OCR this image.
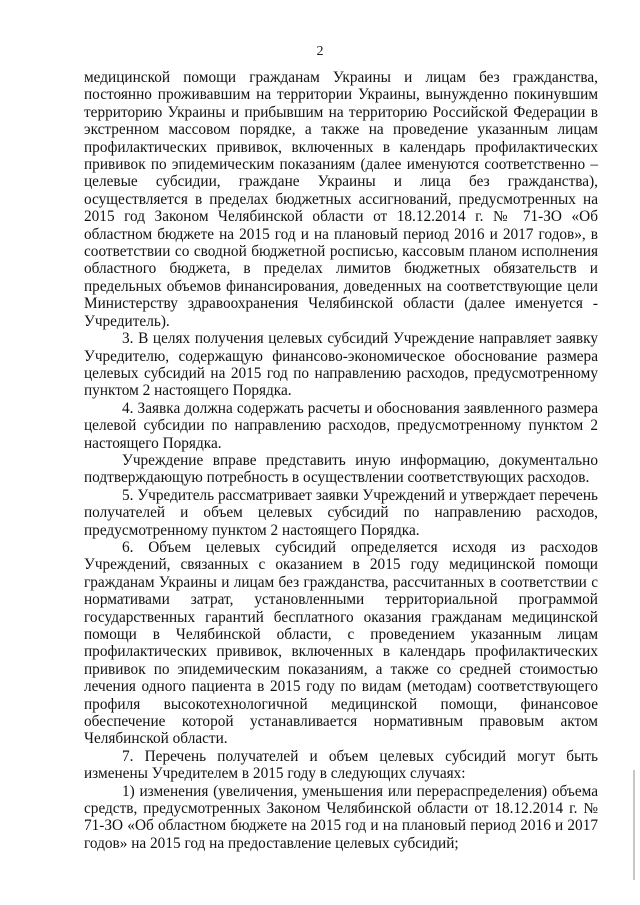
2

медицинской помощи гражданам Украины и лицам без гражданства, постоянно проживавшим на территории Украины, вынужденно покинувшим территорию Украины и прибывшим на территорию Российской Федерации в экстренном массовом порядке, а также на проведение указанным лицам профилактических прививок, включенных в календарь профилактических прививок по эпидемическим показаниям (далее именуются соответственно – целевые субсидии, граждане Украины и лица без гражданства), осуществляется в пределах бюджетных ассигнований, предусмотренных на 2015 год Законом Челябинской области от 18.12.2014 г. № 71-ЗО «Об областном бюджете на 2015 год и на плановый период 2016 и 2017 годов», в соответствии со сводной бюджетной росписью, кассовым планом исполнения областного бюджета, в пределах лимитов бюджетных обязательств и предельных объемов финансирования, доведенных на соответствующие цели Министерству здравоохранения Челябинской области (далее именуется - Учредитель).

3. В целях получения целевых субсидий Учреждение направляет заявку Учредителю, содержащую финансово-экономическое обоснование размера целевых субсидий на 2015 год по направлению расходов, предусмотренному пунктом 2 настоящего Порядка.

4. Заявка должна содержать расчеты и обоснования заявленного размера целевой субсидии по направлению расходов, предусмотренному пунктом 2 настоящего Порядка.

Учреждение вправе представить иную информацию, документально подтверждающую потребность в осуществлении соответствующих расходов.

5. Учредитель рассматривает заявки Учреждений и утверждает перечень получателей и объем целевых субсидий по направлению расходов, предусмотренному пунктом 2 настоящего Порядка.

6. Объем целевых субсидий определяется исходя из расходов Учреждений, связанных с оказанием в 2015 году медицинской помощи гражданам Украины и лицам без гражданства, рассчитанных в соответствии с нормативами затрат, установленными территориальной программой государственных гарантий бесплатного оказания гражданам медицинской помощи в Челябинской области, с проведением указанным лицам профилактических прививок, включенных в календарь профилактических прививок по эпидемическим показаниям, а также со средней стоимостью лечения одного пациента в 2015 году по видам (методам) соответствующего профиля высокотехнологичной медицинской помощи, финансовое обеспечение которой устанавливается нормативным правовым актом Челябинской области.

7. Перечень получателей и объем целевых субсидий могут быть изменены Учредителем в 2015 году в следующих случаях:

1) изменения (увеличения, уменьшения или перераспределения) объема средств, предусмотренных Законом Челябинской области от 18.12.2014 г. № 71-ЗО «Об областном бюджете на 2015 год и на плановый период 2016 и 2017 годов» на 2015 год на предоставление целевых субсидий;
